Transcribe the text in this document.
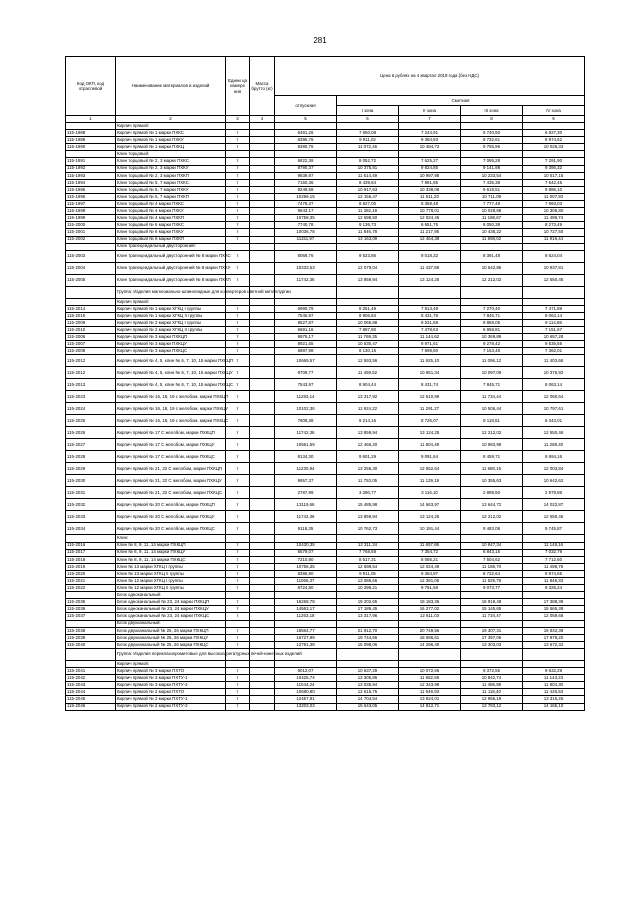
281
Код ОКП, код отраслевой	Наименование материалов и изделий	Едини ца измере ния	Масса брутто (кг)	Цена в рублях на 4 квартал 2019 года (без НДС)				
				отпускная	Сметная			
					I зона	II зона	III зона	IV зона
1	2	3	4	5	6	7	8	9
	Кирпич прямой:							
115-1988	Кирпич прямой № 1 марки ПХКС	т		6481,26	7 650,08	7 244,91	6 740,50	6 927,30
115-1989	Кирпич прямой № 1 марки ПХКУ	т		8396,76	9 911,02	9 384,93	8 732,61	8 974,62
115-1990	Кирпич прямой № 1 марки ПХКЦ	т		9380,76	11 072,46	10 484,73	9 755,96	10 026,33
	Клин торцовый:							
115-1991	Клин торцовый № 2, 3 марки ПХКС	т		6822,39	8 052,72	7 625,27	7 095,28	7 291,90
115-1992	Клин торцовый № 2, 3 марки ПХКУ	т		8790,37	10 375,81	9 824,85	9 141,98	9 395,32
115-1993	Клин торцовый № 2, 3 марки ПХКП	т		9839,97	11 614,49	10 997,98	10 233,54	10 517,15
115-1994	Клин торцовый № 5, 7 марки ПХКС	т		7150,36	8 439,84	7 991,85	7 436,38	7 642,45
115-1995	Клин торцовый № 5, 7 марки ПХКУ	т		9249,58	10 917,63	10 338,08	9 619,51	9 886,10
115-1996	Клин торцовый № 5, 7 марки ПХКП	т		10299,15	12 156,47	11 511,20	10 711,09	11 007,93
115-1997	Клин торцовый № 4 марки ПХКС	т		7478,37	8 827,00	8 358,48	7 777,49	7 993,03
115-1998	Клин торцовый № 4 марки ПХКУ	т		9643,17	11 382,19	10 778,01	10 028,88	10 306,80
115-1999	Клин торцовый № 4 марки ПХКП	т		10758,35	12 698,50	12 024,45	11 188,67	11 498,74
115-2000	Клин торцовый № 6 марки ПХКС	т		7740,78	9 136,73	8 651,75	8 050,38	8 273,49
115-2001	Клин торцовый № 6 марки ПХКУ	т		10036,78	11 846,78	11 217,95	10 438,22	10 727,50
115-2002	Клин торцовый № 6 марки ПХКП	т		11151,97	13 163,09	12 464,38	11 598,02	11 919,44
	Клин трапецеидальный двусторонний:							
115-2003	Клин трапецеидальный двусторонний № 8 марки ПХКС	т		8068,76	9 523,86	9 018,32	8 391,48	8 624,04
115-2004	Клин трапецеидальный двусторонний № 8 марки ПХКУ	т		10233,53	12 079,04	11 437,88	10 642,86	10 937,81
115-2005	Клин трапецеидальный двусторонний № 8 марки ПХКП	т		11742,36	13 859,94	13 124,25	12 212,02	12 550,46
	Группа: Изделия магнезиально-шпинелидные для конвертеров цветной металлургии							
	Кирпич прямой:							
115-2014	Кирпич прямой № 1 марки ХГКЦ I группы	т		6990,79	8 251,49	7 813,49	7 270,40	7 471,89
115-2015	Кирпич прямой № 1 марки ХГКЦ II группы	т		7545,97	8 906,84	8 431,78	7 845,71	8 063,14
115-2009	Кирпич прямой № 2 марки ХГКЦ I группы	т		8527,87	10 065,88	9 531,58	8 869,05	9 114,86
115-2010	Кирпич прямой № 2 марки ХГКЦ II группы	т		6691,16	7 897,80	7 478,63	6 958,81	7 151,67
115-2006	Кирпич прямой № 3 марки ПХКЦП	т		9975,17	11 769,35	11 144,62	10 369,89	10 657,28
115-2007	Кирпич прямой № 3 марки ПХКЦУ	т		8921,55	10 530,47	9 971,51	9 278,42	9 535,55
115-2008	Кирпич прямой № 3 марки ПХКЦС	т		6887,98	8 130,15	7 698,60	7 163,48	7 362,01
115-2012	Кирпич прямой № 4, 5, клин № 6, 7, 10, 15 марки ПХКЦП	т		10669,57	12 593,56	11 925,10	11 096,12	11 403,68
115-2012	Кирпич прямой № 4, 5, клин № 6, 7, 10, 15 марки ПХКЦУ	т		9708,77	11 459,52	10 851,34	10 097,09	10 376,92
115-2013	Кирпич прямой № 4, 5, клин № 6, 7, 10, 15 марки ПХКЦС	т		7543,97	8 904,44	8 431,74	7 845,71	8 063,14
115-2023	Кирпич прямой № 16, 18, 19 с желобом, марки ПХКЦП	т		11283,14	13 317,92	12 610,99	11 734,44	12 060,64
115-2024	Кирпич прямой № 16, 18, 19 с желобом, марки ПХКЦУ	т		10102,36	11 924,22	11 291,27	10 506,44	10 797,61
115-2025	Кирпич прямой № 16, 18, 19 с желобом, марки ПХКЦС	т		7808,38	9 214,16	8 726,07	8 118,51	8 343,01
115-2026	Кирпич прямой № 17 С желобом, марки ПХКЦП	т		11742,36	13 859,94	13 124,25	12 212,02	12 550,46
115-2027	Кирпич прямой № 17 С желобом, марки ПХКЦУ	т		10561,59	12 466,20	11 804,49	10 983,99	11 288,40
115-2028	Кирпич прямой № 17 С желобом, марки ПХКЦС	т		8134,30	9 601,29	9 091,64	8 459,71	8 694,16
115-2029	Кирпич прямой № 21, 22 С желобом, марки ПХКЦП	т		11230,94	13 256,30	12 552,64	11 680,15	12 003,84
115-2030	Кирпич прямой № 21, 22 С желобом, марки ПХКЦУ	т		9957,37	11 753,05	11 129,19	10 355,63	10 642,62
115-2031	Кирпич прямой № 21, 22 С желобом, марки ПХКЦС	т		2787,99	3 290,77	3 116,10	2 899,50	2 979,86
115-2032	Кирпич прямой № 20 С желобом, марки ПХКЦП	т		13119,66	15 485,98	14 663,97	13 644,72	14 022,87
115-2033	Кирпич прямой № 20 С желобом, марки ПХКЦУ	т		11742,36	13 859,94	13 124,25	12 212,02	12 550,46
115-2034	Кирпич прямой № 20 С желобом, марки ПХКЦС	т		9118,35	10 762,73	10 191,44	9 483,08	9 745,87
	Клин:							
115-2016	Клин № 8, 9, 11, 14 марки ПХКЦП	т		10430,35	12 311,34	11 657,86	10 847,34	11 148,16
115-2017	Клин № 8, 9, 11, 14 марки ПХКЦУ	т		6579,07	7 768,68	7 354,72	6 843,15	7 032,79
115-2018	Клин № 8, 9, 11, 14 марки ПХКЦС	т		7210,80	8 517,31	8 065,21	7 504,62	7 712,60
115-2019	Клин № 13 марки ХГКЦ I группы	т		10756,35	12 698,54	12 024,49	11 188,70	11 498,78
115-2020	Клин № 13 марки ХГКЦ II группы	т		8396,80	9 911,05	9 384,97	8 732,64	8 974,65
115-2021	Клин № 12 марки ХГКЦ I группы	т		11066,37	13 085,66	12 391,06	11 529,79	11 849,33
115-2022	Клин № 12 марки ХГКЦ II группы	т		8724,80	10 298,21	9 751,58	9 073,77	9 325,24
	Блок одноканальный:							
115-2035	Блок одноканальный № 23, 24 марки ПХКЦП	т		16268,78	19 202,65	18 183,36	16 919,48	17 388,39
115-2036	Блок одноканальный № 23, 24 марки ПХКЦУ	т		14563,17	17 189,45	16 277,02	15 145,65	15 565,39
115-2037	Блок одноканальный № 23, 24 марки ПХКЦС	т		11263,18	13 317,96	12 611,03	11 734,47	12 059,68
	Блок двухканальный:							
115-2038	Блок двухканальный № 25, 26 марки ПХКЦП	т		18564,77	21 912,70	20 749,56	19 307,31	19 842,39
115-2039	Блок двухканальный № 25, 26 марки ПХКЦУ	т		16727,99	19 744,66	18 696,61	17 397,06	17 879,20
115-2040	Блок двухканальный № 25, 26 марки ПХКЦС	т		12791,38	15 098,06	14 296,40	13 303,03	13 672,32
	Группа: Изделия периклазохромитовые для высокоагрегатурных печей-нанесных изделий							
	Кирпич прямой:							
115-2041	Кирпич прямой № 3 марки ПХТО	т		9012,07	10 637,29	10 072,65	9 372,55	9 632,29
115-2042	Кирпич прямой № 3 марки ПХТУ-1	т		10425,74	12 305,86	11 652,69	10 842,74	11 143,23
115-2043	Кирпич прямой № 3 марки ПХТУ-2	т		11044,24	13 035,94	12 343,98	11 485,98	11 804,30
115-2044	Кирпич прямой № 2 марки ПХТО	т		10680,80	12 616,75	11 949,93	11 118,40	11 426,53
115-2045	Кирпич прямой № 2 марки ПХТУ-1	т		12457,91	14 704,54	13 924,01	12 956,19	13 315,26
115-2046	Кирпич прямой № 2 марки ПХТУ-2	т		13203,03	15 643,05	14 812,71	13 783,12	14 165,10
